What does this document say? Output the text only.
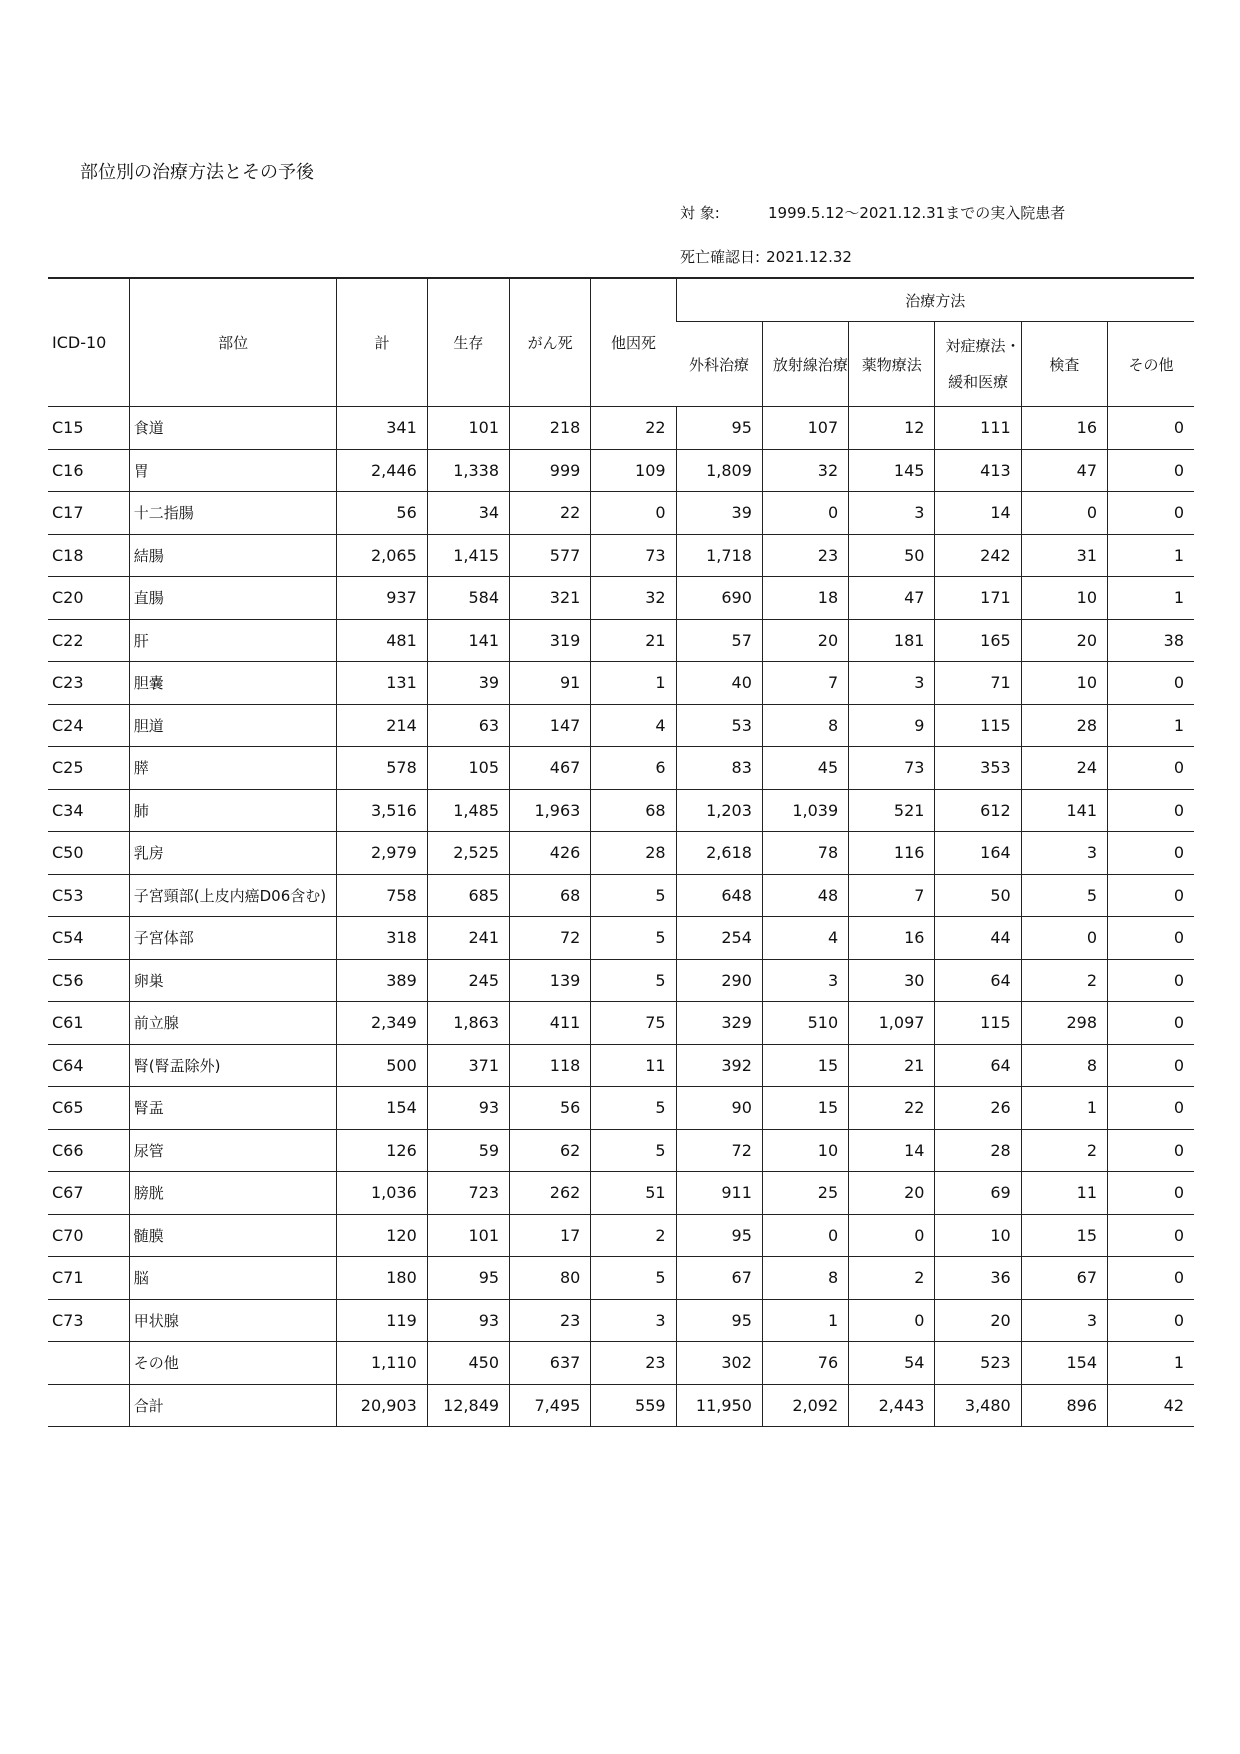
部位別の治療方法とその予後
対 象:	1999.5.12～2021.12.31までの実入院患者
死亡確認日: 2021.12.32
ICD-10	部位	計	生存	がん死	他因死	治療方法					
						外科治療	放射線治療	薬物療法	対症療法・
緩和医療	検査	その他
C15	食道	341	101	218	22	95	107	12	111	16	0
C16	胃	2,446	1,338	999	109	1,809	32	145	413	47	0
C17	十二指腸	56	34	22	0	39	0	3	14	0	0
C18	結腸	2,065	1,415	577	73	1,718	23	50	242	31	1
C20	直腸	937	584	321	32	690	18	47	171	10	1
C22	肝	481	141	319	21	57	20	181	165	20	38
C23	胆嚢	131	39	91	1	40	7	3	71	10	0
C24	胆道	214	63	147	4	53	8	9	115	28	1
C25	膵	578	105	467	6	83	45	73	353	24	0
C34	肺	3,516	1,485	1,963	68	1,203	1,039	521	612	141	0
C50	乳房	2,979	2,525	426	28	2,618	78	116	164	3	0
C53	子宮頸部(上皮内癌D06含む)	758	685	68	5	648	48	7	50	5	0
C54	子宮体部	318	241	72	5	254	4	16	44	0	0
C56	卵巣	389	245	139	5	290	3	30	64	2	0
C61	前立腺	2,349	1,863	411	75	329	510	1,097	115	298	0
C64	腎(腎盂除外)	500	371	118	11	392	15	21	64	8	0
C65	腎盂	154	93	56	5	90	15	22	26	1	0
C66	尿管	126	59	62	5	72	10	14	28	2	0
C67	膀胱	1,036	723	262	51	911	25	20	69	11	0
C70	髄膜	120	101	17	2	95	0	0	10	15	0
C71	脳	180	95	80	5	67	8	2	36	67	0
C73	甲状腺	119	93	23	3	95	1	0	20	3	0
	その他	1,110	450	637	23	302	76	54	523	154	1
	合計	20,903	12,849	7,495	559	11,950	2,092	2,443	3,480	896	42
